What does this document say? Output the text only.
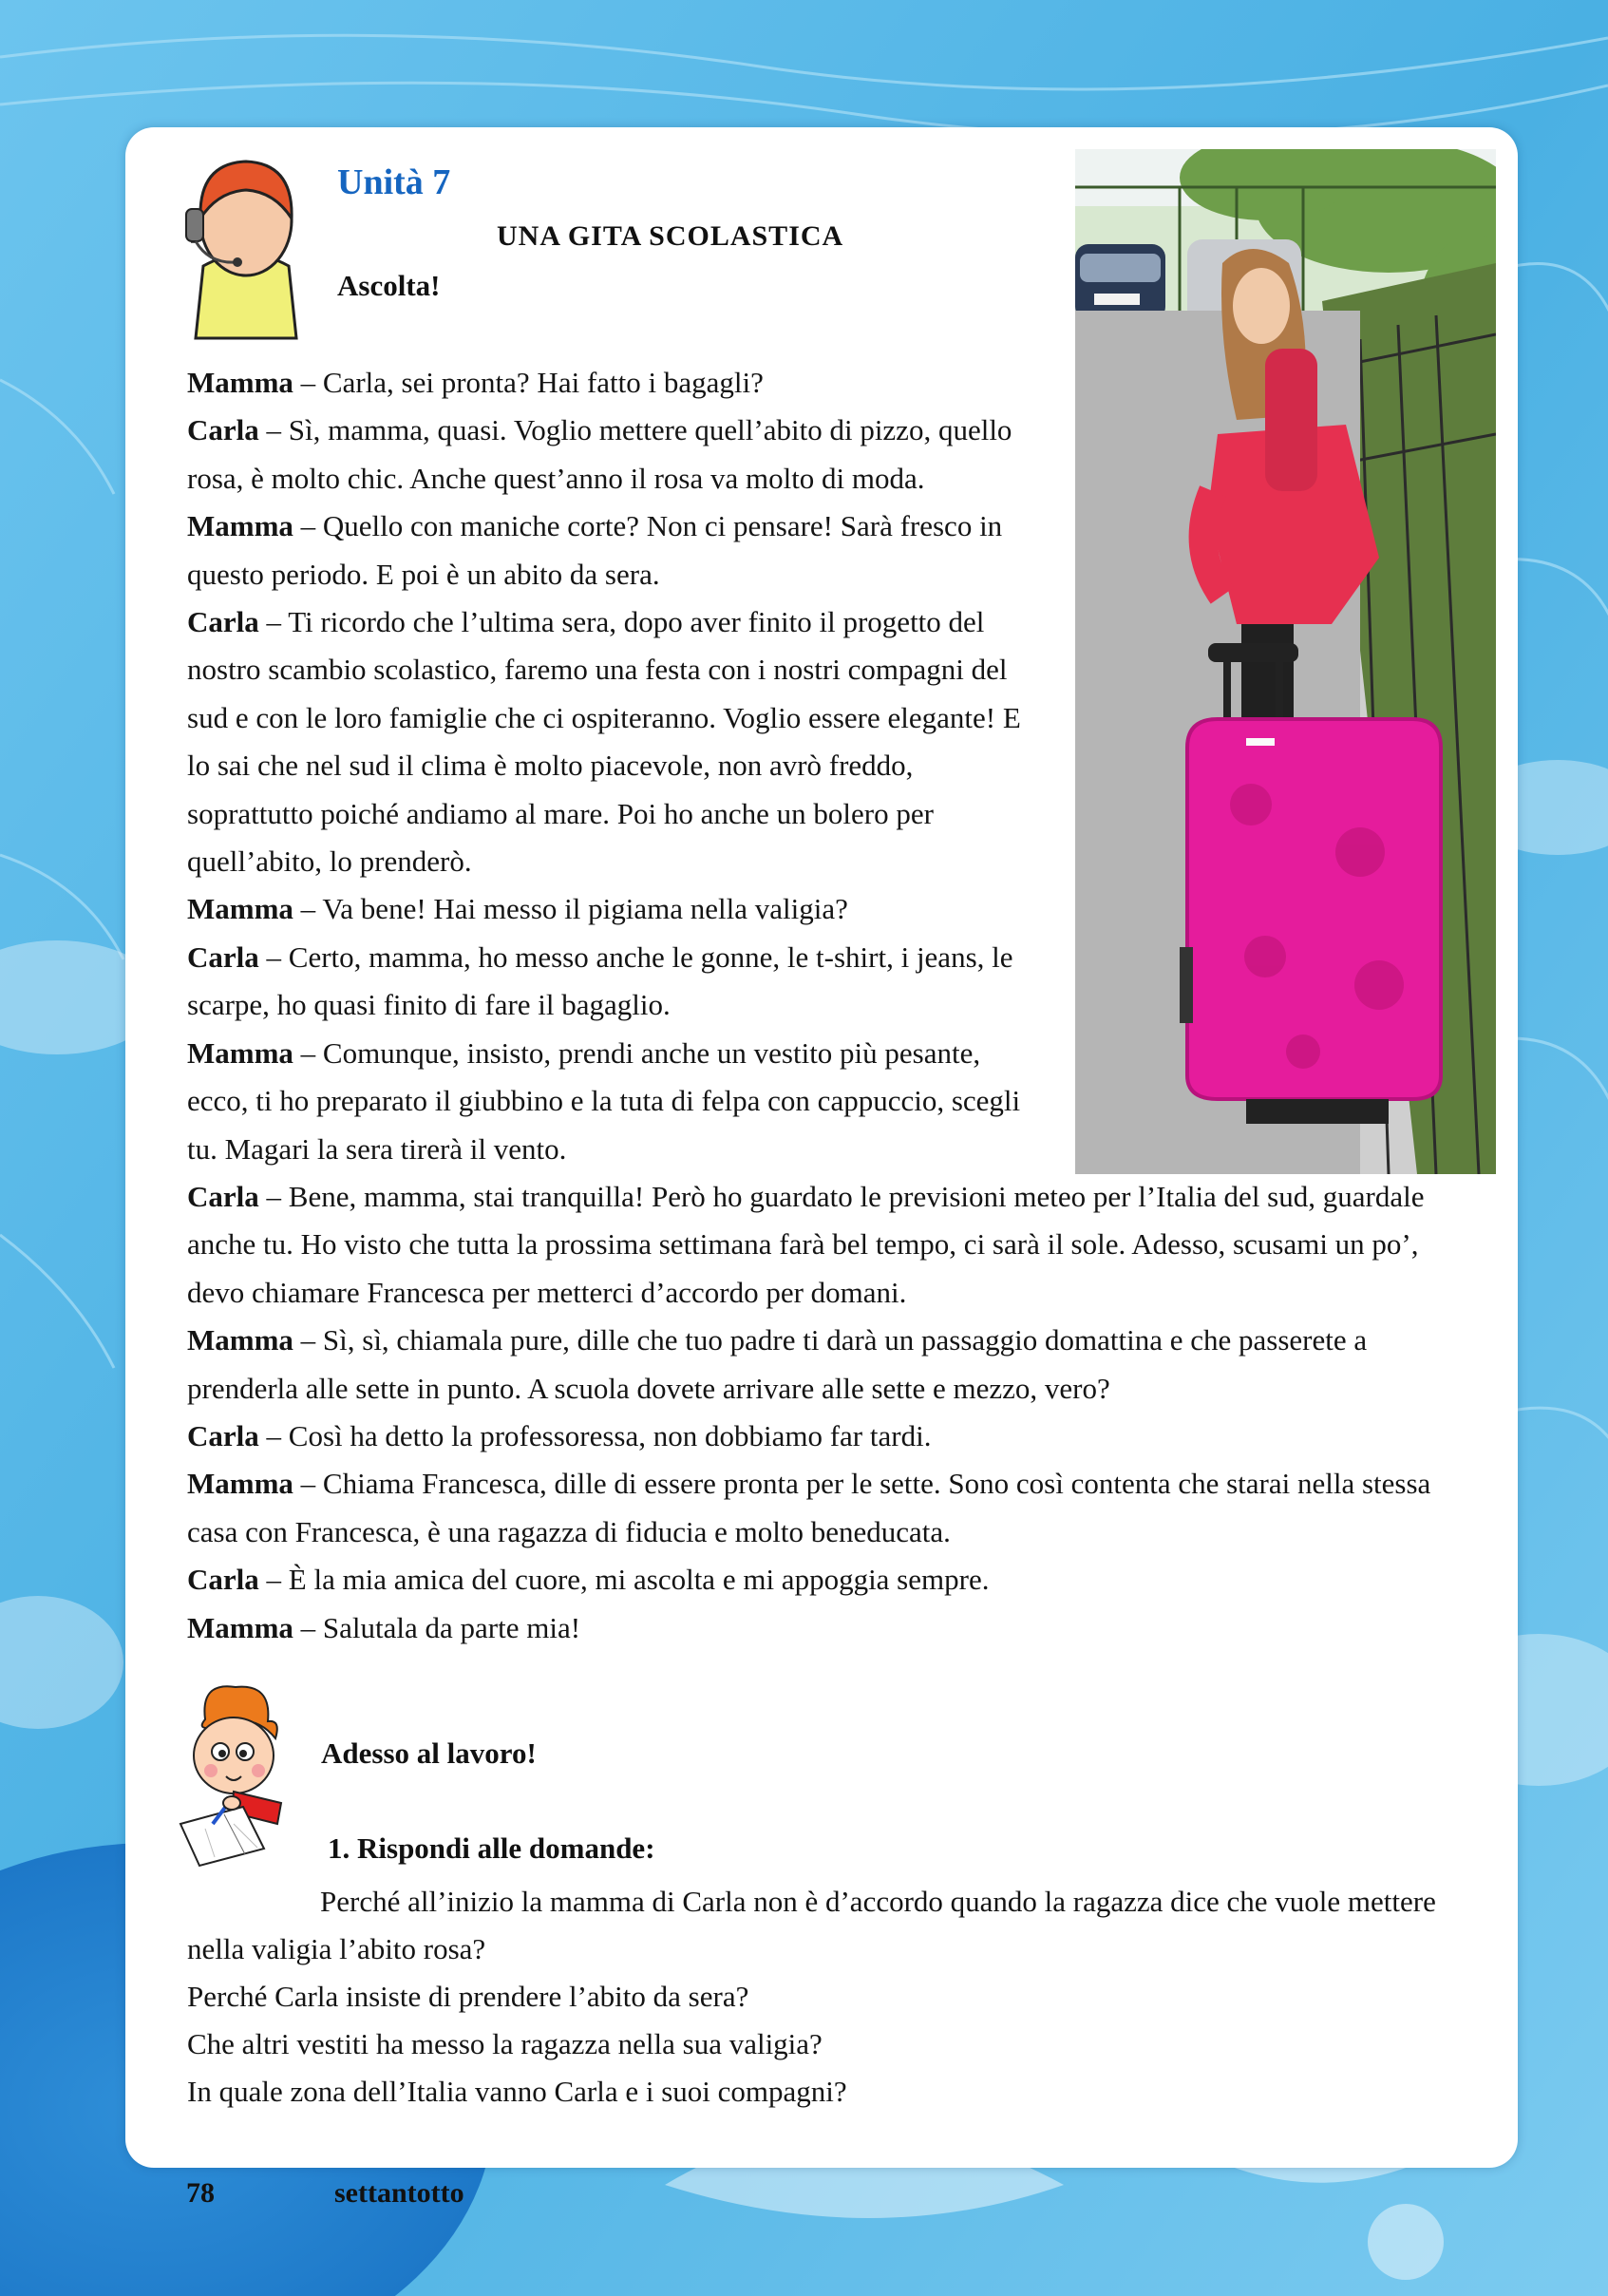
Unità 7
UNA GITA SCOLASTICA
Ascolta!

Mamma – Carla, sei pronta? Hai fatto i bagagli?

Carla – Sì, mamma, quasi. Voglio mettere quell’abito di pizzo, quello rosa, è molto chic. Anche quest’anno il rosa va molto di moda.

Mamma – Quello con maniche corte? Non ci pensare! Sarà fresco in questo periodo. E poi è un abito da sera.

Carla – Ti ricordo che l’ultima sera, dopo aver finito il progetto del nostro scambio scolastico, faremo una festa con i nostri compagni del sud e con le loro famiglie che ci ospiteranno. Voglio essere elegante! E lo sai che nel sud il clima è molto piacevole, non avrò freddo, soprattutto poiché andiamo al mare. Poi ho anche un bolero per quell’abito, lo prenderò.

Mamma – Va bene! Hai messo il pigiama nella valigia?

Carla – Certo, mamma, ho messo anche le gonne, le t-shirt, i jeans, le scarpe, ho quasi finito di fare il bagaglio.

Mamma – Comunque, insisto, prendi anche un vestito più pesante, ecco, ti ho preparato il giubbino e la tuta di felpa con cappuccio, scegli tu. Magari la sera tirerà il vento.

Carla – Bene, mamma, stai tranquilla! Però ho guardato le previsioni meteo per l’Italia del sud, guardale anche tu. Ho visto che tutta la prossima settimana farà bel tempo, ci sarà il sole. Adesso, scusami un po’, devo chiamare Francesca per metterci d’accordo per domani.

Mamma – Sì, sì, chiamala pure, dille che tuo padre ti darà un passaggio domattina e che passerete a prenderla alle sette in punto. A scuola dovete arrivare alle sette e mezzo, vero?

Carla – Così ha detto la professoressa, non dobbiamo far tardi.

Mamma – Chiama Francesca, dille di essere pronta per le sette. Sono così contenta che starai nella stessa casa con Francesca, è una ragazza di fiducia e molto beneducata.

Carla – È la mia amica del cuore, mi ascolta e mi appoggia sempre.

Mamma – Salutala da parte mia!

Adesso al lavoro!
1. Rispondi alle domande:

Perché all’inizio la mamma di Carla non è d’accordo quando la ragazza dice che vuole mettere nella valigia l’abito rosa?

Perché Carla insiste di prendere l’abito da sera?

Che altri vestiti ha messo la ragazza nella sua valigia?

In quale zona dell’Italia vanno Carla e i suoi compagni?

78	settantotto
